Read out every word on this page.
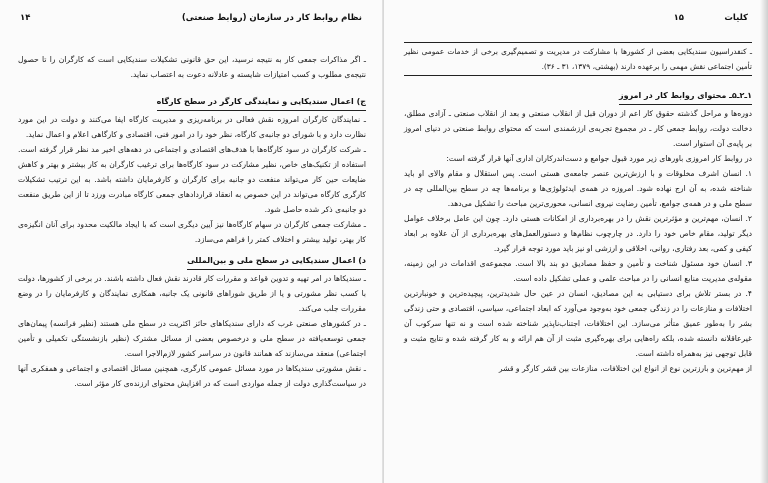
نظام روابط کار در سازمان (روابط صنعتی)
۱۴

ـ اگر مذاکرات جمعی کار به نتیجه نرسید، این حق قانونی تشکیلات سندیکایی است که کارگران را تا حصول نتیجه‌ی مطلوب و کسب امتیازات شایسته و عادلانه دعوت به اعتصاب نماید.

ج) اعمال سندیکایی و نمایندگی کارگر در سطح کارگاه

ـ نمایندگان کارگران امروزه نقش فعالی در برنامه‌ریزی و مدیریت کارگاه ایفا می‌کنند و دولت در این مورد نظارت دارد و با شورای دو جانبه‌ی کارگاه، نظر خود را در امور فنی، اقتصادی و کارگاهی اعلام و اعمال نماید.

ـ شرکت کارگران در سود کارگاه‌ها با هدف‌های اقتصادی و اجتماعی در دهه‌های اخیر مد نظر قرار گرفته است. استفاده از تکنیک‌های خاص، نظیر مشارکت در سود کارگاه‌ها برای ترغیب کارگران به کار بیشتر و بهتر و کاهش ضایعات حین کار می‌تواند منفعت دو جانبه برای کارگران و کارفرمایان داشته باشد. به این ترتیب تشکیلات کارگری کارگاه می‌تواند در این خصوص به انعقاد قراردادهای جمعی کارگاه مبادرت ورزد تا از این طریق منفعت دو جانبه‌ی ذکر شده حاصل شود.

ـ مشارکت جمعی کارگران در سهام کارگاه‌ها نیز آیین دیگری است که با ایجاد مالکیت محدود برای آنان انگیزه‌ی کار بهتر، تولید بیشتر و اختلاف کمتر را فراهم می‌سازد.

د) اعمال سندیکایی در سطح ملی و بین‌المللی

ـ سندیکاها در امر تهیه و تدوین قواعد و مقررات کار قادرند نقش فعال داشته باشند. در برخی از کشورها، دولت با کسب نظر مشورتی و یا از طریق شوراهای قانونی یک جانبه، همکاری نمایندگان و کارفرمایان را در وضع مقررات جلب می‌کند.

ـ در کشورهای صنعتی غرب که دارای سندیکاهای حائز اکثریت در سطح ملی هستند (نظیر فرانسه) پیمان‌های جمعی توسعه‌یافته در سطح ملی و درخصوص بعضی از مسائل مشترک (نظیر بازنشستگی تکمیلی و تأمین اجتماعی) منعقد می‌سازند که همانند قانون در سراسر کشور لازم‌الاجرا است.

ـ نقش مشورتی سندیکاها در مورد مسائل عمومی کارگری، همچنین مسائل اقتصادی و اجتماعی و همفکری آنها در سیاست‌گذاری دولت از جمله مواردی است که در افزایش محتوای ارزنده‌ی کار مؤثر است.

کلیات
۱۵

ـ کنفدراسیون سندیکایی بعضی از کشورها با مشارکت در مدیریت و تصمیم‌گیری برخی از خدمات عمومی نظیر تأمین اجتماعی نقش مهمی را برعهده دارند (بهشتی، ۱۳۷۹، ۳۱ ـ ۳۶).

۱ـ۲ـ۵ـ محتوای روابط کار در امروز

دوره‌ها و مراحل گذشته حقوق کار اعم از دوران قبل از انقلاب صنعتی و بعد از انقلاب صنعتی ـ آزادی مطلق، دخالت دولت، روابط جمعی کار ـ در مجموع تجربه‌ی ارزشمندی است که محتوای روابط صنعتی در دنیای امروز بر پایه‌ی آن استوار است.

در روابط کار امروزی باورهای زیر مورد قبول جوامع و دست‌اندرکاران اداری آنها قرار گرفته است:

۱. انسان اشرف مخلوقات و با ارزش‌ترین عنصر جامعه‌ی هستی است. پس استقلال و مقام والای او باید شناخته شده، به آن ارج نهاده شود. امروزه در همه‌ی ایدئولوژی‌ها و برنامه‌ها چه در سطح بین‌المللی چه در سطح ملی و در همه‌ی جوامع، تأمین رضایت نیروی انسانی، محوری‌ترین مباحث را تشکیل می‌دهد.

۲. انسان، مهم‌ترین و مؤثرترین نقش را در بهره‌برداری از امکانات هستی دارد. چون این عامل برخلاف عوامل دیگر تولید، مقام خاص خود را دارد. در چارچوب نظام‌ها و دستورالعمل‌های بهره‌برداری از آن علاوه بر ابعاد کیفی و کمی، بعد رفتاری، روانی، اخلاقی و ارزشی او نیز باید مورد توجه قرار گیرد.

۳. انسان خود مسئول شناخت و تأمین و حفظ مصادیق دو بند بالا است. مجموعه‌ی اقدامات در این زمینه، مقوله‌ی مدیریت منابع انسانی را در مباحث علمی و عملی تشکیل داده است.

۴. در بستر تلاش برای دستیابی به این مصادیق، انسان در عین حال شدیدترین، پیچیده‌ترین و خونبارترین اختلافات و منازعات را در زندگی جمعی خود به‌وجود می‌آورد که ابعاد اجتماعی، سیاسی، اقتصادی و حتی زندگی بشر را به‌طور عمیق متأثر می‌سازد. این اختلافات، اجتناب‌ناپذیر شناخته شده است و نه تنها سرکوب آن غیرعاقلانه دانسته شده، بلکه راه‌هایی برای بهره‌گیری مثبت از آن هم ارائه و به کار گرفته شده و نتایج مثبت و قابل توجهی نیز به‌همراه داشته است.

از مهم‌ترین و بارزترین نوع از انواع این اختلافات، منازعات بین قشر کارگر و قشر
